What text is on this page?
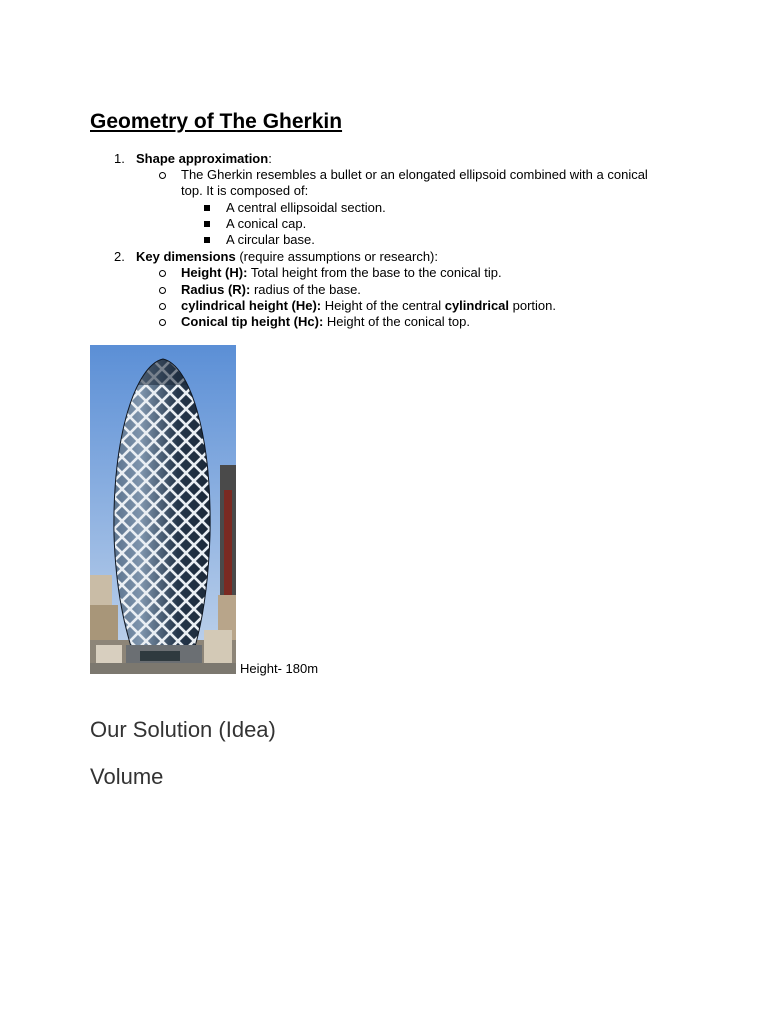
Geometry of The Gherkin
1. Shape approximation:
The Gherkin resembles a bullet or an elongated ellipsoid combined with a conical
top. It is composed of:
A central ellipsoidal section.
A conical cap.
A circular base.
2. Key dimensions (require assumptions or research):
Height (H): Total height from the base to the conical tip.
Radius (R): radius of the base.
cylindrical height (He): Height of the central cylindrical portion.
Conical tip height (Hc): Height of the conical top.
Height- 180m
Our Solution (Idea)
Volume
